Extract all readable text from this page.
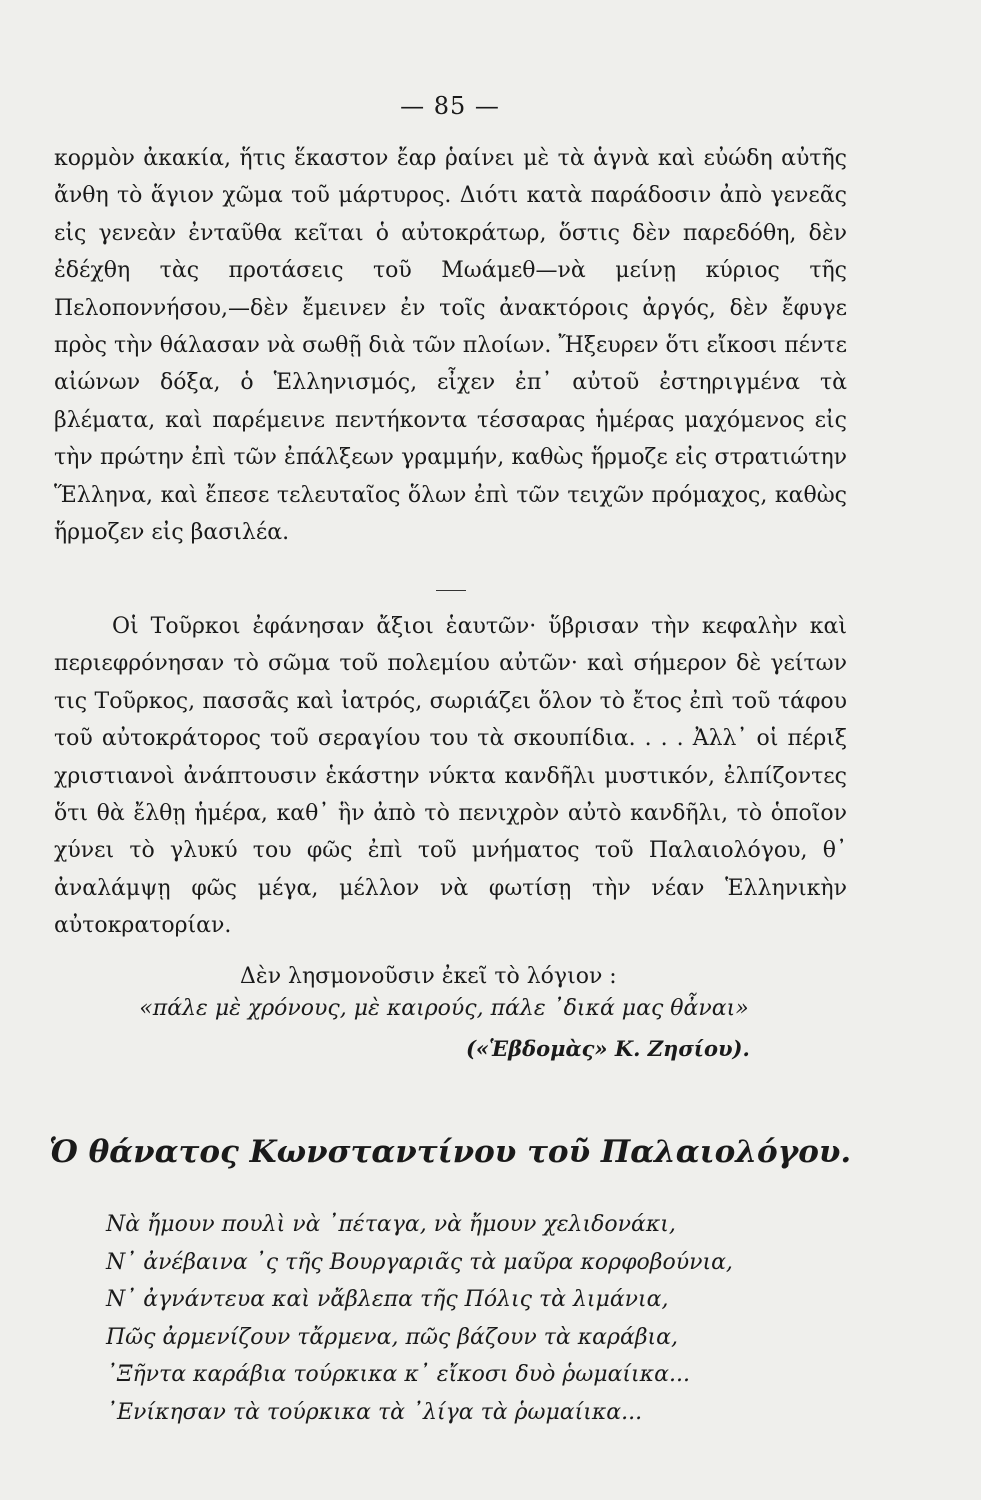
— 85 —

κορμὸν ἀκακία, ἥτις ἕκαστον ἔαρ ῥαίνει μὲ τὰ ἁγνὰ καὶ εὐώδη αὐτῆς ἄνθη τὸ ἅγιον χῶμα τοῦ μάρτυρος. Διότι κατὰ παράδοσιν ἀπὸ γενεᾶς εἰς γενεὰν ἐνταῦθα κεῖται ὁ αὐτοκράτωρ, ὅστις δὲν παρεδόθη, δὲν ἐδέχθη τὰς προτάσεις τοῦ Μωάμεθ—νὰ μείνῃ κύριος τῆς Πελοποννήσου,—δὲν ἔμεινεν ἐν τοῖς ἀνακτόροις ἀργός, δὲν ἔφυγε πρὸς τὴν θάλασαν νὰ σωθῇ διὰ τῶν πλοίων. Ἤξευρεν ὅτι εἴκοσι πέντε αἰώνων δόξα, ὁ Ἑλληνισμός, εἶχεν ἐπ᾽ αὐτοῦ ἐστηριγμένα τὰ βλέματα, καὶ παρέμεινε πεντήκοντα τέσσαρας ἡμέρας μαχόμενος εἰς τὴν πρώτην ἐπὶ τῶν ἐπάλξεων γραμμήν, καθὼς ἥρμοζε εἰς στρατιώτην Ἕλληνα, καὶ ἔπεσε τελευταῖος ὅλων ἐπὶ τῶν τειχῶν πρόμαχος, καθὼς ἥρμοζεν εἰς βασιλέα.

Οἱ Τοῦρκοι ἐφάνησαν ἄξιοι ἑαυτῶν· ὕβρισαν τὴν κεφαλὴν καὶ περιεφρόνησαν τὸ σῶμα τοῦ πολεμίου αὐτῶν· καὶ σήμερον δὲ γείτων τις Τοῦρκος, πασσᾶς καὶ ἰατρός, σωριάζει ὅλον τὸ ἔτος ἐπὶ τοῦ τάφου τοῦ αὐτοκράτορος τοῦ σεραγίου του τὰ σκουπίδια. . . . Ἀλλ᾽ οἱ πέριξ χριστιανοὶ ἀνάπτουσιν ἑκάστην νύκτα κανδῆλι μυστικόν, ἐλπίζοντες ὅτι θὰ ἔλθῃ ἡμέρα, καθ᾽ ἣν ἀπὸ τὸ πενιχρὸν αὐτὸ κανδῆλι, τὸ ὁποῖον χύνει τὸ γλυκύ του φῶς ἐπὶ τοῦ μνήματος τοῦ Παλαιολόγου, θ᾽ ἀναλάμψῃ φῶς μέγα, μέλλον νὰ φωτίσῃ τὴν νέαν Ἑλληνικὴν αὐτοκρατορίαν.

Δὲν λησμονοῦσιν ἐκεῖ τὸ λόγιον :

«πάλε μὲ χρόνους, μὲ καιρούς, πάλε ᾽δικά μας θἆναι»

(«Ἑβδομὰς» Κ. Ζησίου).

Ὁ θάνατος Κωνσταντίνου τοῦ Παλαιολόγου.
Νὰ ἤμουν πουλὶ νὰ ᾽πέταγα, νὰ ἤμουν χελιδονάκι,
Ν᾽ ἀνέβαινα ᾽ς τῆς Βουργαριᾶς τὰ μαῦρα κορφοβούνια,
Ν᾽ ἀγνάντευα καὶ νἄβλεπα τῆς Πόλις τὰ λιμάνια,
Πῶς ἀρμενίζουν τἄρμενα, πῶς βάζουν τὰ καράβια,
᾽Ξῆντα καράβια τούρκικα κ᾽ εἴκοσι δυὸ ῥωμαίικα...
᾽Ενίκησαν τὰ τούρκικα τὰ ᾽λίγα τὰ ῥωμαίικα...
